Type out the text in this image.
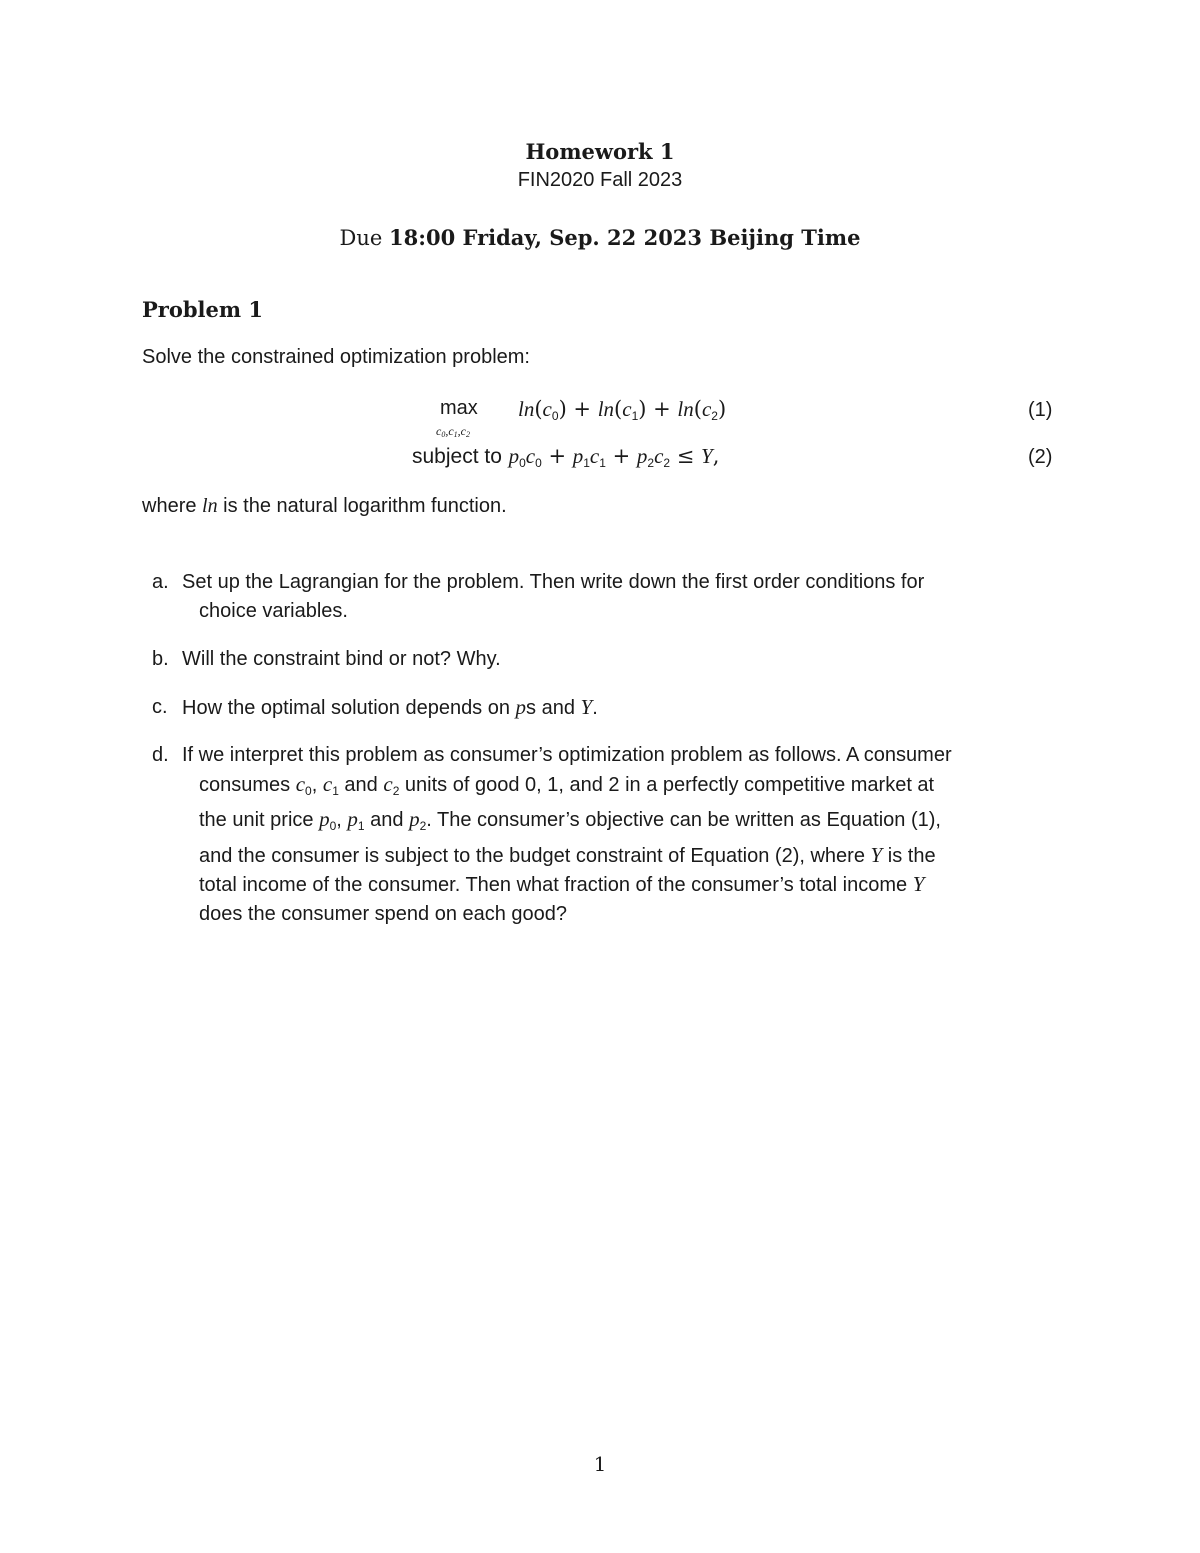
Homework 1
FIN2020 Fall 2023
Due 18:00 Friday, Sep. 22 2023 Beijing Time
Problem 1
Solve the constrained optimization problem:
max
$c_0,c_1,c_2$
$\ln(c_0) + \ln(c_1) + \ln(c_2)$	(1)
subject to $p_0c_0 + p_1c_1 + p_2c_2 \le Y$,	(2)
where ln is the natural logarithm function.
a. Set up the Lagrangian for the problem. Then write down the first order conditions for
choice variables.
b. Will the constraint bind or not? Why.
c. How the optimal solution depends on ps and Y.
d. If we interpret this problem as consumer’s optimization problem as follows. A consumer
consumes $c_0$, $c_1$ and $c_2$ units of good 0, 1, and 2 in a perfectly competitive market at
the unit price $p_0$, $p_1$ and $p_2$. The consumer’s objective can be written as Equation (1),
and the consumer is subject to the budget constraint of Equation (2), where Y is the
total income of the consumer. Then what fraction of the consumer’s total income Y
does the consumer spend on each good?
1
